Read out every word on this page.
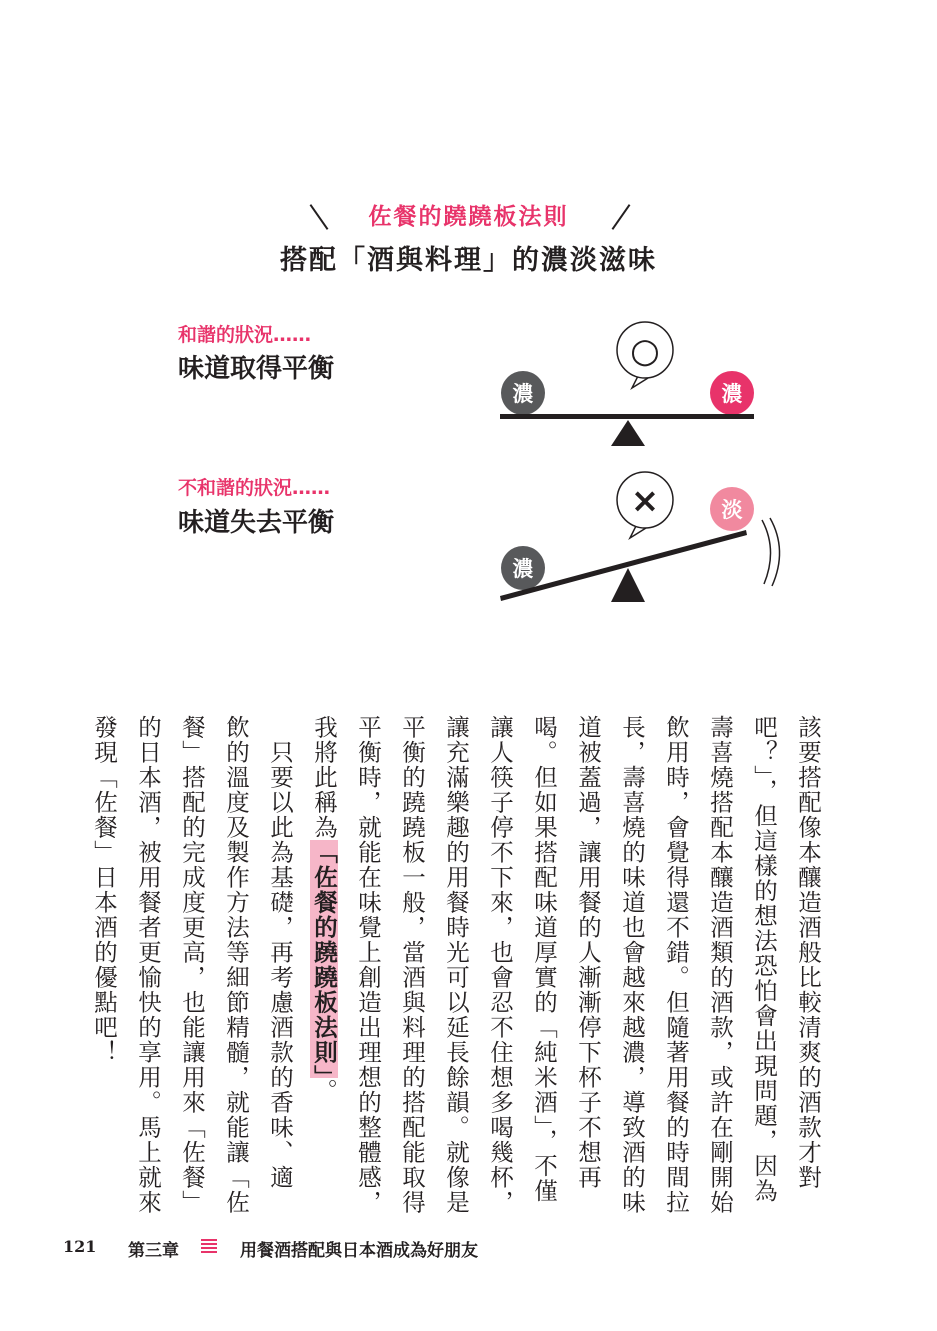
佐餐的蹺蹺板法則
搭配「酒與料理」的濃淡滋味
和諧的狀況……
味道取得平衡
不和諧的狀況……
味道失去平衡
○
濃	濃
×
濃
淡
該要搭配像本釀造酒般比較清爽的酒款才對
吧？」，但這樣的想法恐怕會出現問題，因為
壽喜燒搭配本釀造酒類的酒款，或許在剛開始
飲用時，會覺得還不錯。但隨著用餐的時間拉
長，壽喜燒的味道也會越來越濃，導致酒的味
道被蓋過，讓用餐的人漸漸停下杯子不想再
喝。但如果搭配味道厚實的「純米酒」，不僅
讓人筷子停不下來，也會忍不住想多喝幾杯，
讓充滿樂趣的用餐時光可以延長餘韻。就像是
平衡的蹺蹺板一般，當酒與料理的搭配能取得
平衡時，就能在味覺上創造出理想的整體感，
我將此稱為「佐餐的蹺蹺板法則」。
　只要以此為基礎，再考慮酒款的香味、適
飲的溫度及製作方法等細節精髓，就能讓「佐
餐」搭配的完成度更高，也能讓用來「佐餐」
的日本酒，被用餐者更愉快的享用。馬上就來
發現「佐餐」日本酒的優點吧！
121 第三章	用餐酒搭配與日本酒成為好朋友
